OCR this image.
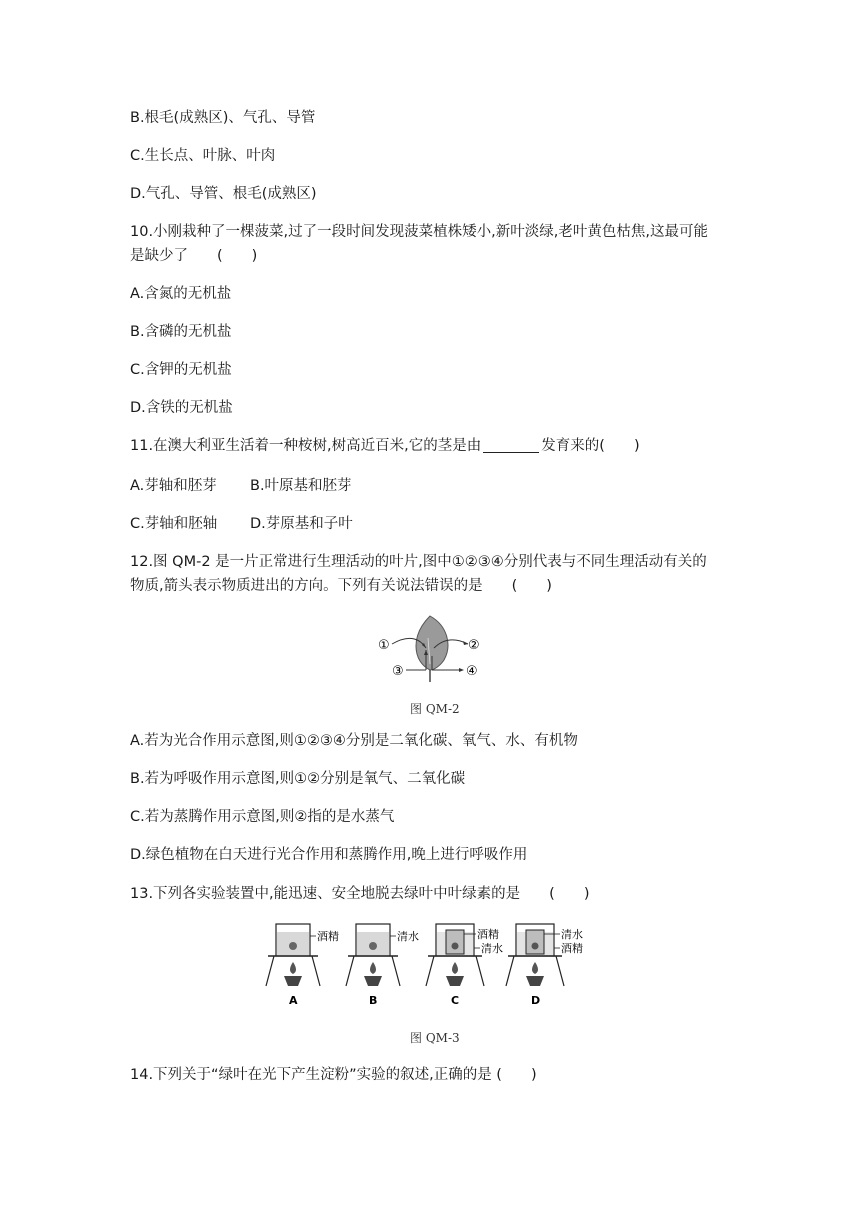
B.根毛(成熟区)、气孔、导管
C.生长点、叶脉、叶肉
D.气孔、导管、根毛(成熟区)
10.小刚栽种了一棵菠菜,过了一段时间发现菠菜植株矮小,新叶淡绿,老叶黄色枯焦,这最可能
是缺少了　　(　　)
A.含氮的无机盐
B.含磷的无机盐
C.含钾的无机盐
D.含铁的无机盐
11.在澳大利亚生活着一种桉树,树高近百米,它的茎是由	发育来的(　　)
A.芽轴和胚芽 B.叶原基和胚芽
C.芽轴和胚轴 D.芽原基和子叶
12.图 QM-2 是一片正常进行生理活动的叶片,图中①②③④分别代表与不同生理活动有关的
物质,箭头表示物质进出的方向。下列有关说法错误的是　　(　　)
①	②
③	④
图 QM-2
A.若为光合作用示意图,则①②③④分别是二氧化碳、氧气、水、有机物
B.若为呼吸作用示意图,则①②分别是氧气、二氧化碳
C.若为蒸腾作用示意图,则②指的是水蒸气
D.绿色植物在白天进行光合作用和蒸腾作用,晚上进行呼吸作用
13.下列各实验装置中,能迅速、安全地脱去绿叶中叶绿素的是　　(　　)
酒精
A
清水
B
酒精
清水
C
清水
酒精
D
图 QM-3
14.下列关于“绿叶在光下产生淀粉”实验的叙述,正确的是 (　　)
